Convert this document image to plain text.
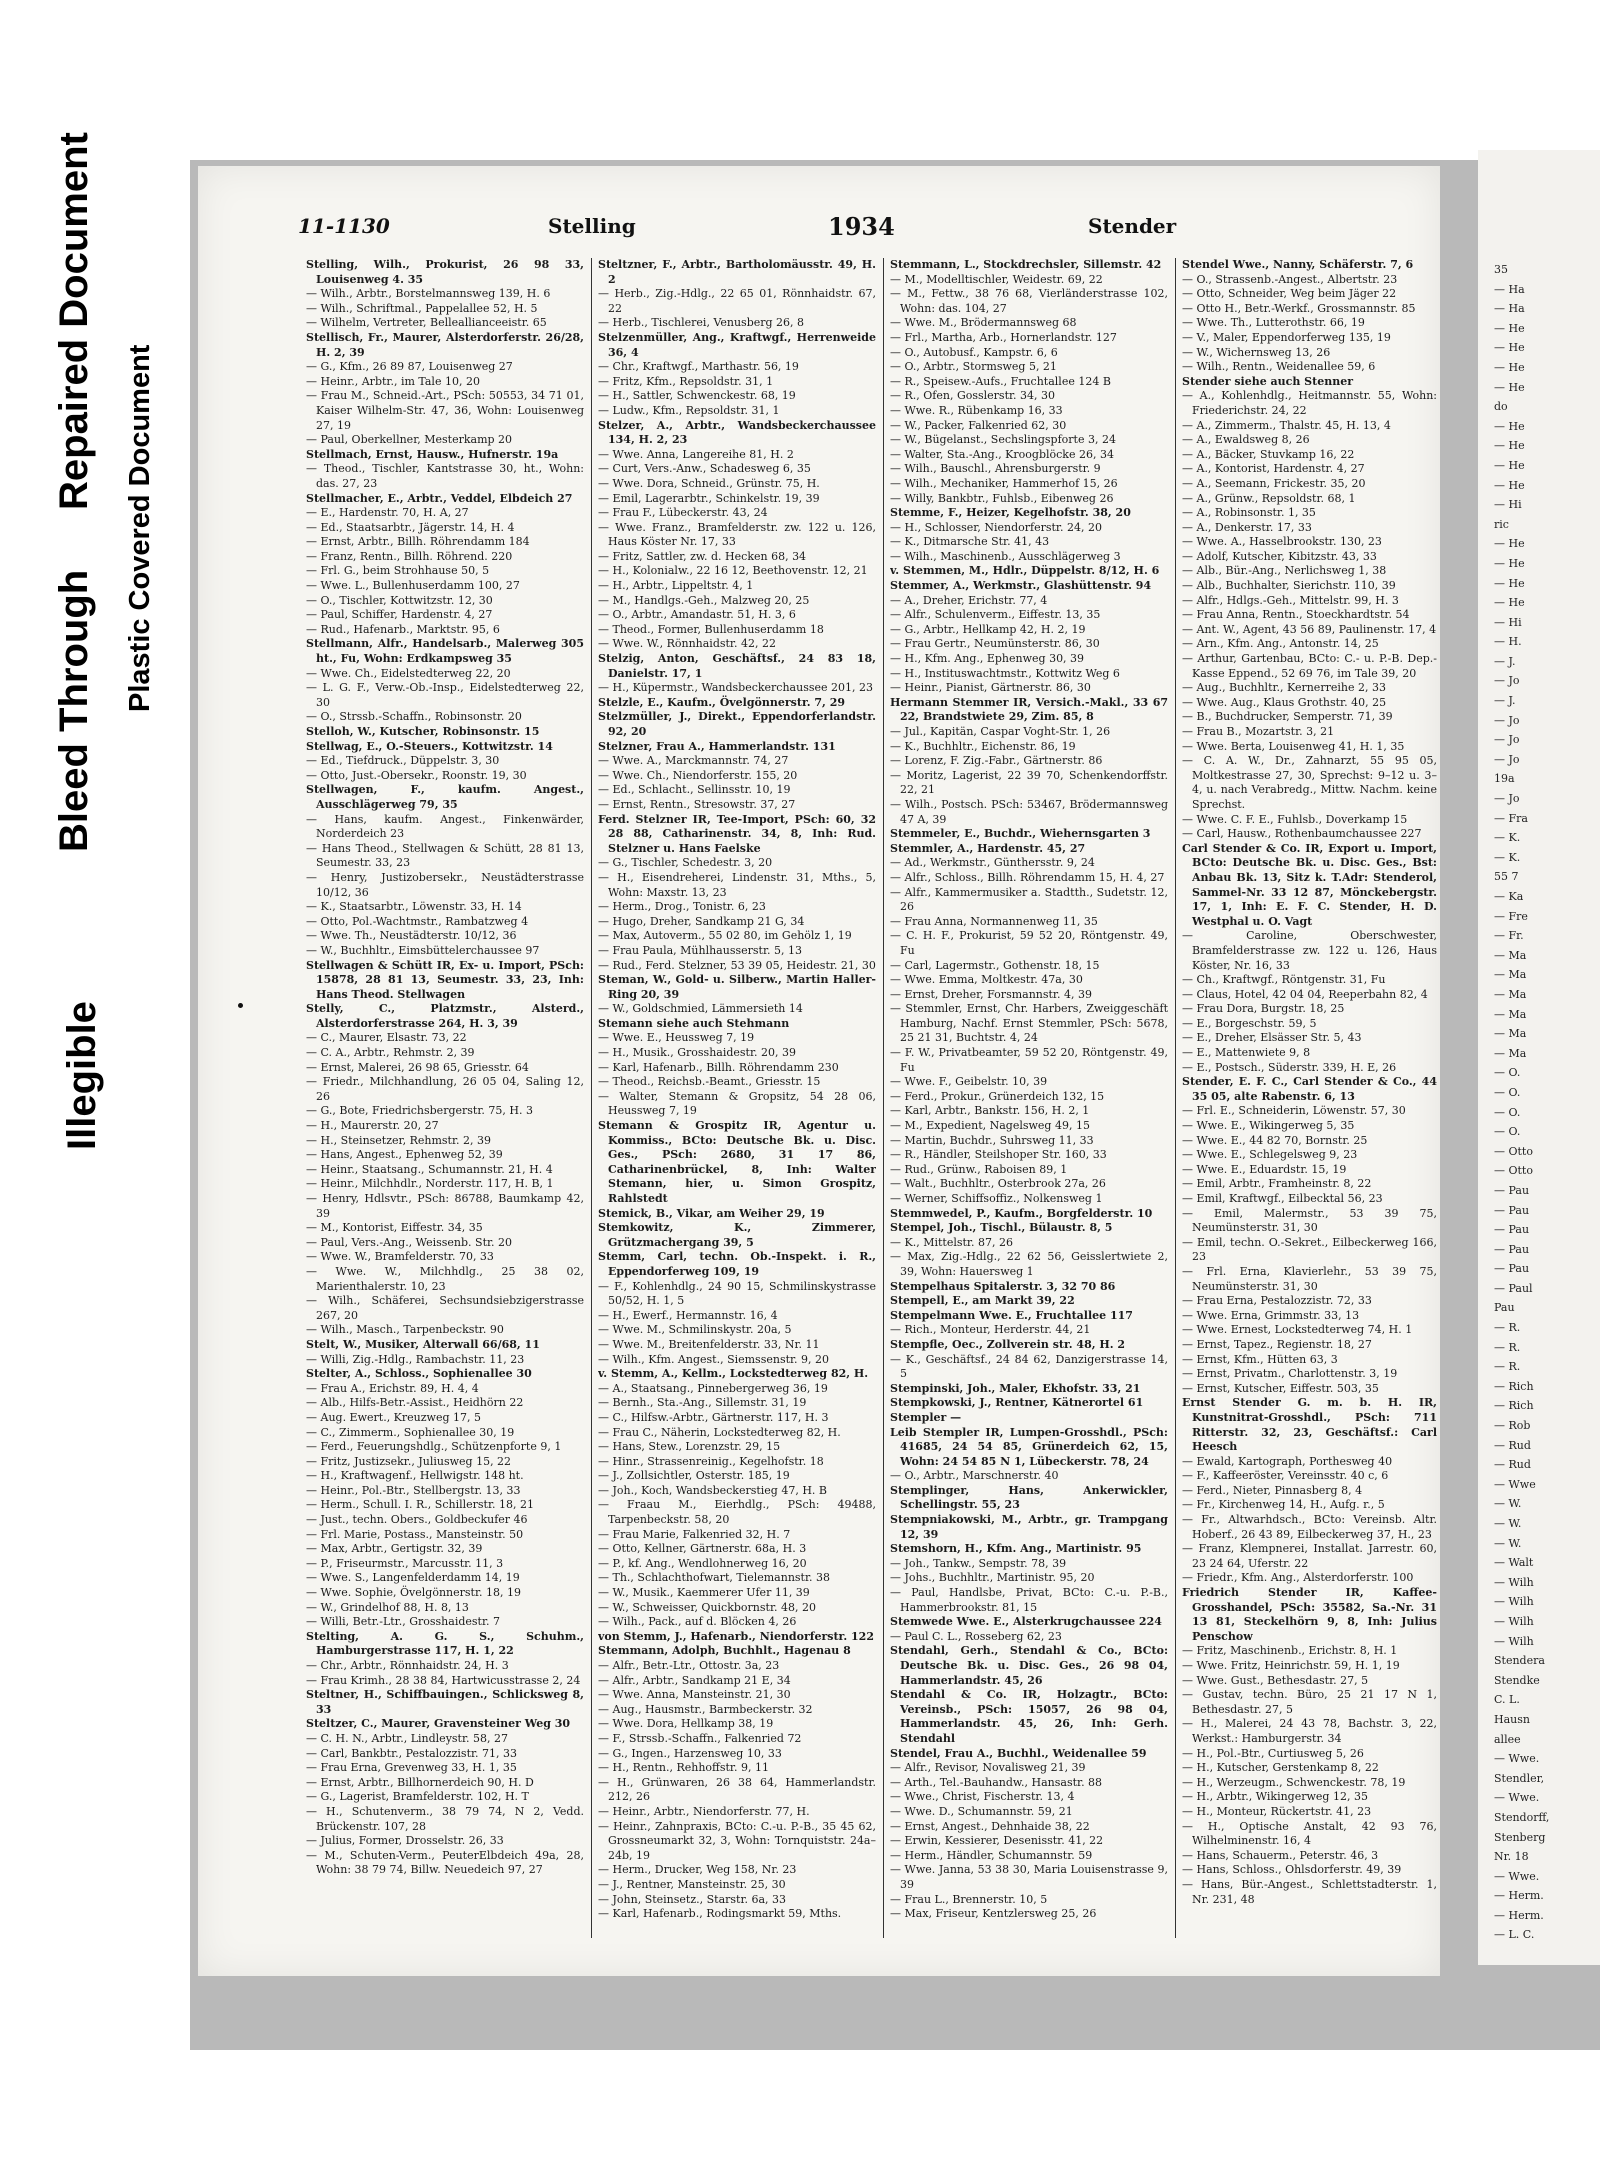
Illegible
Bleed Through
Repaired Document
Plastic Covered Document
35
— Ha
— Ha
— He
— He
— He
— He
do
— He
— He
— He
— He
— Hi
ric
— He
— He
— He
— He
— Hi
— H.
— J.
— Jo
— J.
— Jo
— Jo
— Jo
19a
— Jo
— Fra
— K.
— K.
55 7
— Ka
— Fre
— Fr.
— Ma
— Ma
— Ma
— Ma
— Ma
— Ma
— O.
— O.
— O.
— O.
— Otto
— Otto
— Pau
— Pau
— Pau
— Pau
— Pau
— Paul
Pau
— R.
— R.
— R.
— Rich
— Rich
— Rob
— Rud
— Rud
— Wwe
— W.
— W.
— W.
— Walt
— Wilh
— Wilh
— Wilh
— Wilh
Stendera
Stendke
C. L.
Hausn
allee
— Wwe.
Stendler,
— Wwe.
Stendorff,
Stenberg
Nr. 18
— Wwe.
— Herm.
— Herm.
— L. C.
11-1130	Stelling	1934	Stender

Stelling, Wilh., Prokurist, 26 98 33, Louisenweg 4. 35

— Wilh., Arbtr., Borstelmannsweg 139, H. 6

— Wilh., Schriftmal., Pappelallee 52, H. 5

— Wilhelm, Vertreter, Belleallianceeistr. 65

Stellisch, Fr., Maurer, Alsterdorferstr. 26/28, H. 2, 39

— G., Kfm., 26 89 87, Louisenweg 27

— Heinr., Arbtr., im Tale 10, 20

— Frau M., Schneid.-Art., PSch: 50553, 34 71 01, Kaiser Wilhelm-Str. 47, 36, Wohn: Louisenweg 27, 19

— Paul, Oberkellner, Mesterkamp 20

Stellmach, Ernst, Hausw., Hufnerstr. 19a

— Theod., Tischler, Kantstrasse 30, ht., Wohn: das. 27, 23

Stellmacher, E., Arbtr., Veddel, Elbdeich 27

— E., Hardenstr. 70, H. A, 27

— Ed., Staatsarbtr., Jägerstr. 14, H. 4

— Ernst, Arbtr., Billh. Röhrendamm 184

— Franz, Rentn., Billh. Röhrend. 220

— Frl. G., beim Strohhause 50, 5

— Wwe. L., Bullenhuserdamm 100, 27

— O., Tischler, Kottwitzstr. 12, 30

— Paul, Schiffer, Hardenstr. 4, 27

— Rud., Hafenarb., Marktstr. 95, 6

Stellmann, Alfr., Handelsarb., Malerweg 305 ht., Fu, Wohn: Erdkampsweg 35

— Wwe. Ch., Eidelstedterweg 22, 20

— L. G. F., Verw.-Ob.-Insp., Eidelstedterweg 22, 30

— O., Strssb.-Schaffn., Robinsonstr. 20

Stelloh, W., Kutscher, Robinsonstr. 15

Stellwag, E., O.-Steuers., Kottwitzstr. 14

— Ed., Tiefdruck., Düppelstr. 3, 30

— Otto, Just.-Obersekr., Roonstr. 19, 30

Stellwagen, F., kaufm. Angest., Ausschlägerweg 79, 35

— Hans, kaufm. Angest., Finkenwärder, Norderdeich 23

— Hans Theod., Stellwagen & Schütt, 28 81 13, Seumestr. 33, 23

— Henry, Justizobersekr., Neustädterstrasse 10/12, 36

— K., Staatsarbtr., Löwenstr. 33, H. 14

— Otto, Pol.-Wachtmstr., Rambatzweg 4

— Wwe. Th., Neustädterstr. 10/12, 36

— W., Buchhltr., Eimsbüttelerchaussee 97

Stellwagen & Schütt IR, Ex- u. Import, PSch: 15878, 28 81 13, Seumestr. 33, 23, Inh: Hans Theod. Stellwagen

Stelly, C., Platzmstr., Alsterd., Alsterdorferstrasse 264, H. 3, 39

— C., Maurer, Elsastr. 73, 22

— C. A., Arbtr., Rehmstr. 2, 39

— Ernst, Malerei, 26 98 65, Griesstr. 64

— Friedr., Milchhandlung, 26 05 04, Saling 12, 26

— G., Bote, Friedrichsbergerstr. 75, H. 3

— H., Maurerstr. 20, 27

— H., Steinsetzer, Rehmstr. 2, 39

— Hans, Angest., Ephenweg 52, 39

— Heinr., Staatsang., Schumannstr. 21, H. 4

— Heinr., Milchhdlr., Norderstr. 117, H. B, 1

— Henry, Hdlsvtr., PSch: 86788, Baumkamp 42, 39

— M., Kontorist, Eiffestr. 34, 35

— Paul, Vers.-Ang., Weissenb. Str. 20

— Wwe. W., Bramfelderstr. 70, 33

— Wwe. W., Milchhdlg., 25 38 02, Marienthalerstr. 10, 23

— Wilh., Schäferei, Sechsundsiebzigerstrasse 267, 20

— Wilh., Masch., Tarpenbeckstr. 90

Stelt, W., Musiker, Alterwall 66/68, 11

— Willi, Zig.-Hdlg., Rambachstr. 11, 23

Stelter, A., Schloss., Sophienallee 30

— Frau A., Erichstr. 89, H. 4, 4

— Alb., Hilfs-Betr.-Assist., Heidhörn 22

— Aug. Ewert., Kreuzweg 17, 5

— C., Zimmerm., Sophienallee 30, 19

— Ferd., Feuerungshdlg., Schützenpforte 9, 1

— Fritz, Justizsekr., Juliusweg 15, 22

— H., Kraftwagenf., Hellwigstr. 148 ht.

— Heinr., Pol.-Btr., Stellbergstr. 13, 33

— Herm., Schull. I. R., Schillerstr. 18, 21

— Just., techn. Obers., Goldbeckufer 46

— Frl. Marie, Postass., Mansteinstr. 50

— Max, Arbtr., Gertigstr. 32, 39

— P., Friseurmstr., Marcusstr. 11, 3

— Wwe. S., Langenfelderdamm 14, 19

— Wwe. Sophie, Övelgönnerstr. 18, 19

— W., Grindelhof 88, H. 8, 13

— Willi, Betr.-Ltr., Grosshaidestr. 7

Stelting, A. G. S., Schuhm., Hamburgerstrasse 117, H. 1, 22

— Chr., Arbtr., Rönnhaidstr. 24, H. 3

— Frau Krimh., 28 38 84, Hartwicusstrasse 2, 24

Steltner, H., Schiffbauingen., Schlicksweg 8, 33

Steltzer, C., Maurer, Gravensteiner Weg 30

— C. H. N., Arbtr., Lindleystr. 58, 27

— Carl, Bankbtr., Pestalozzistr. 71, 33

— Frau Erna, Grevenweg 33, H. 1, 35

— Ernst, Arbtr., Billhornerdeich 90, H. D

— G., Lagerist, Bramfelderstr. 102, H. T

— H., Schutenverm., 38 79 74, N 2, Vedd. Brückenstr. 107, 28

— Julius, Former, Drosselstr. 26, 33

— M., Schuten-Verm., PeuterElbdeich 49a, 28, Wohn: 38 79 74, Billw. Neuedeich 97, 27

Steltzner, F., Arbtr., Bartholomäusstr. 49, H. 2

— Herb., Zig.-Hdlg., 22 65 01, Rönnhaidstr. 67, 22

— Herb., Tischlerei, Venusberg 26, 8

Stelzenmüller, Ang., Kraftwgf., Herrenweide 36, 4

— Chr., Kraftwgf., Marthastr. 56, 19

— Fritz, Kfm., Repsoldstr. 31, 1

— H., Sattler, Schwenckestr. 68, 19

— Ludw., Kfm., Repsoldstr. 31, 1

Stelzer, A., Arbtr., Wandsbeckerchaussee 134, H. 2, 23

— Wwe. Anna, Langereihe 81, H. 2

— Curt, Vers.-Anw., Schadesweg 6, 35

— Wwe. Dora, Schneid., Grünstr. 75, H.

— Emil, Lagerarbtr., Schinkelstr. 19, 39

— Frau F., Lübeckerstr. 43, 24

— Wwe. Franz., Bramfelderstr. zw. 122 u. 126, Haus Köster Nr. 17, 33

— Fritz, Sattler, zw. d. Hecken 68, 34

— H., Kolonialw., 22 16 12, Beethovenstr. 12, 21

— H., Arbtr., Lippeltstr. 4, 1

— M., Handlgs.-Geh., Malzweg 20, 25

— O., Arbtr., Amandastr. 51, H. 3, 6

— Theod., Former, Bullenhuserdamm 18

— Wwe. W., Rönnhaidstr. 42, 22

Stelzig, Anton, Geschäftsf., 24 83 18, Danielstr. 17, 1

— H., Küpermstr., Wandsbeckerchaussee 201, 23

Stelzle, E., Kaufm., Övelgönnerstr. 7, 29

Stelzmüller, J., Direkt., Eppendorferlandstr. 92, 20

Stelzner, Frau A., Hammerlandstr. 131

— Wwe. A., Marckmannstr. 74, 27

— Wwe. Ch., Niendorferstr. 155, 20

— Ed., Schlacht., Sellinsstr. 10, 19

— Ernst, Rentn., Stresowstr. 37, 27

Ferd. Stelzner IR, Tee-Import, PSch: 60, 32 28 88, Catharinenstr. 34, 8, Inh: Rud. Stelzner u. Hans Faelske

— G., Tischler, Schedestr. 3, 20

— H., Eisendreherei, Lindenstr. 31, Mths., 5, Wohn: Maxstr. 13, 23

— Herm., Drog., Tonistr. 6, 23

— Hugo, Dreher, Sandkamp 21 G, 34

— Max, Autoverm., 55 02 80, im Gehölz 1, 19

— Frau Paula, Mühlhausserstr. 5, 13

— Rud., Ferd. Stelzner, 53 39 05, Heidestr. 21, 30

Steman, W., Gold- u. Silberw., Martin Haller-Ring 20, 39

— W., Goldschmied, Lämmersieth 14

Stemann siehe auch Stehmann

— Wwe. E., Heussweg 7, 19

— H., Musik., Grosshaidestr. 20, 39

— Karl, Hafenarb., Billh. Röhrendamm 230

— Theod., Reichsb.-Beamt., Griesstr. 15

— Walter, Stemann & Gropsitz, 54 28 06, Heussweg 7, 19

Stemann & Grospitz IR, Agentur u. Kommiss., BCto: Deutsche Bk. u. Disc. Ges., PSch: 2680, 31 17 86, Catharinenbrückel, 8, Inh: Walter Stemann, hier, u. Simon Grospitz, Rahlstedt

Stemick, B., Vikar, am Weiher 29, 19

Stemkowitz, K., Zimmerer, Grützmachergang 39, 5

Stemm, Carl, techn. Ob.-Inspekt. i. R., Eppendorferweg 109, 19

— F., Kohlenhdlg., 24 90 15, Schmilinskystrasse 50/52, H. 1, 5

— H., Ewerf., Hermannstr. 16, 4

— Wwe. M., Schmilinskystr. 20a, 5

— Wwe. M., Breitenfelderstr. 33, Nr. 11

— Wilh., Kfm. Angest., Siemssenstr. 9, 20

v. Stemm, A., Kellm., Lockstedterweg 82, H.

— A., Staatsang., Pinnebergerweg 36, 19

— Bernh., Sta.-Ang., Sillemstr. 31, 19

— C., Hilfsw.-Arbtr., Gärtnerstr. 117, H. 3

— Frau C., Näherin, Lockstedterweg 82, H.

— Hans, Stew., Lorenzstr. 29, 15

— Hinr., Strassenreinig., Kegelhofstr. 18

— J., Zollsichtler, Osterstr. 185, 19

— Joh., Koch, Wandsbeckerstieg 47, H. B

— Fraau M., Eierhdlg., PSch: 49488, Tarpenbeckstr. 58, 20

— Frau Marie, Falkenried 32, H. 7

— Otto, Kellner, Gärtnerstr. 68a, H. 3

— P., kf. Ang., Wendlohnerweg 16, 20

— Th., Schlachthofwart, Tielemannstr. 38

— W., Musik., Kaemmerer Ufer 11, 39

— W., Schweisser, Quickbornstr. 48, 20

— Wilh., Pack., auf d. Blöcken 4, 26

von Stemm, J., Hafenarb., Niendorferstr. 122

Stemmann, Adolph, Buchhlt., Hagenau 8

— Alfr., Betr.-Ltr., Ottostr. 3a, 23

— Alfr., Arbtr., Sandkamp 21 E, 34

— Wwe. Anna, Mansteinstr. 21, 30

— Aug., Hausmstr., Barmbeckerstr. 32

— Wwe. Dora, Hellkamp 38, 19

— F., Strssb.-Schaffn., Falkenried 72

— G., Ingen., Harzensweg 10, 33

— H., Rentn., Rehhoffstr. 9, 11

— H., Grünwaren, 26 38 64, Hammerlandstr. 212, 26

— Heinr., Arbtr., Niendorferstr. 77, H.

— Heinr., Zahnpraxis, BCto: C.-u. P.-B., 35 45 62, Grossneumarkt 32, 3, Wohn: Tornquiststr. 24a–24b, 19

— Herm., Drucker, Weg 158, Nr. 23

— J., Rentner, Mansteinstr. 25, 30

— John, Steinsetz., Starstr. 6a, 33

— Karl, Hafenarb., Rodingsmarkt 59, Mths.

Stemmann, L., Stockdrechsler, Sillemstr. 42

— M., Modelltischler, Weidestr. 69, 22

— M., Fettw., 38 76 68, Vierländerstrasse 102, Wohn: das. 104, 27

— Wwe. M., Brödermannsweg 68

— Frl., Martha, Arb., Hornerlandstr. 127

— O., Autobusf., Kampstr. 6, 6

— O., Arbtr., Stormsweg 5, 21

— R., Speisew.-Aufs., Fruchtallee 124 B

— R., Ofen, Gosslerstr. 34, 30

— Wwe. R., Rübenkamp 16, 33

— W., Packer, Falkenried 62, 30

— W., Bügelanst., Sechslingspforte 3, 24

— Walter, Sta.-Ang., Kroogblöcke 26, 34

— Wilh., Bauschl., Ahrensburgerstr. 9

— Wilh., Mechaniker, Hammerhof 15, 26

— Willy, Bankbtr., Fuhlsb., Eibenweg 26

Stemme, F., Heizer, Kegelhofstr. 38, 20

— H., Schlosser, Niendorferstr. 24, 20

— K., Ditmarsche Str. 41, 43

— Wilh., Maschinenb., Ausschlägerweg 3

v. Stemmen, M., Hdlr., Düppelstr. 8/12, H. 6

Stemmer, A., Werkmstr., Glashüttenstr. 94

— A., Dreher, Erichstr. 77, 4

— Alfr., Schulenverm., Eiffestr. 13, 35

— G., Arbtr., Hellkamp 42, H. 2, 19

— Frau Gertr., Neumünsterstr. 86, 30

— H., Kfm. Ang., Ephenweg 30, 39

— H., Instituswachtmstr., Kottwitz Weg 6

— Heinr., Pianist, Gärtnerstr. 86, 30

Hermann Stemmer IR, Versich.-Makl., 33 67 22, Brandstwiete 29, Zim. 85, 8

— Jul., Kapitän, Caspar Voght-Str. 1, 26

— K., Buchhltr., Eichenstr. 86, 19

— Lorenz, F. Zig.-Fabr., Gärtnerstr. 86

— Moritz, Lagerist, 22 39 70, Schenkendorffstr. 22, 21

— Wilh., Postsch. PSch: 53467, Brödermannsweg 47 A, 39

Stemmeler, E., Buchdr., Wiehernsgarten 3

Stemmler, A., Hardenstr. 45, 27

— Ad., Werkmstr., Günthersstr. 9, 24

— Alfr., Schloss., Billh. Röhrendamm 15, H. 4, 27

— Alfr., Kammermusiker a. Stadtth., Sudetstr. 12, 26

— Frau Anna, Normannenweg 11, 35

— C. H. F., Prokurist, 59 52 20, Röntgenstr. 49, Fu

— Carl, Lagermstr., Gothenstr. 18, 15

— Wwe. Emma, Moltkestr. 47a, 30

— Ernst, Dreher, Forsmannstr. 4, 39

— Stemmler, Ernst, Chr. Harbers, Zweiggeschäft Hamburg, Nachf. Ernst Stemmler, PSch: 5678, 25 21 31, Buchtstr. 4, 24

— F. W., Privatbeamter, 59 52 20, Röntgenstr. 49, Fu

— Wwe. F., Geibelstr. 10, 39

— Ferd., Prokur., Grünerdeich 132, 15

— Karl, Arbtr., Bankstr. 156, H. 2, 1

— M., Expedient, Nagelsweg 49, 15

— Martin, Buchdr., Suhrsweg 11, 33

— R., Händler, Steilshoper Str. 160, 33

— Rud., Grünw., Raboisen 89, 1

— Walt., Buchhltr., Osterbrook 27a, 26

— Werner, Schiffsoffiz., Nolkensweg 1

Stemmwedel, P., Kaufm., Borgfelderstr. 10

Stempel, Joh., Tischl., Bülaustr. 8, 5

— K., Mittelstr. 87, 26

— Max, Zig.-Hdlg., 22 62 56, Geisslertwiete 2, 39, Wohn: Hauersweg 1

Stempelhaus Spitalerstr. 3, 32 70 86

Stempell, E., am Markt 39, 22

Stempelmann Wwe. E., Fruchtallee 117

— Rich., Monteur, Herderstr. 44, 21

Stempfle, Oec., Zollverein str. 48, H. 2

— K., Geschäftsf., 24 84 62, Danzigerstrasse 14, 5

Stempinski, Joh., Maler, Ekhofstr. 33, 21

Stempkowski, J., Rentner, Kätnerortel 61

Stempler —

Leib Stempler IR, Lumpen-Grosshdl., PSch: 41685, 24 54 85, Grünerdeich 62, 15, Wohn: 24 54 85 N 1, Lübeckerstr. 78, 24

— O., Arbtr., Marschnerstr. 40

Stemplinger, Hans, Ankerwickler, Schellingstr. 55, 23

Stempniakowski, M., Arbtr., gr. Trampgang 12, 39

Stemshorn, H., Kfm. Ang., Martinistr. 95

— Joh., Tankw., Sempstr. 78, 39

— Johs., Buchhltr., Martinistr. 95, 20

— Paul, Handlsbe, Privat, BCto: C.-u. P.-B., Hammerbrookstr. 81, 15

Stemwede Wwe. E., Alsterkrugchaussee 224

— Paul C. L., Rosseberg 62, 23

Stendahl, Gerh., Stendahl & Co., BCto: Deutsche Bk. u. Disc. Ges., 26 98 04, Hammerlandstr. 45, 26

Stendahl & Co. IR, Holzagtr., BCto: Vereinsb., PSch: 15057, 26 98 04, Hammerlandstr. 45, 26, Inh: Gerh. Stendahl

Stendel, Frau A., Buchhl., Weidenallee 59

— Alfr., Revisor, Novalisweg 21, 39

— Arth., Tel.-Bauhandw., Hansastr. 88

— Wwe., Christ, Fischerstr. 13, 4

— Wwe. D., Schumannstr. 59, 21

— Ernst, Angest., Dehnhaide 38, 22

— Erwin, Kessierer, Desenisstr. 41, 22

— Herm., Händler, Schumannstr. 59

— Wwe. Janna, 53 38 30, Maria Louisenstrasse 9, 39

— Frau L., Brennerstr. 10, 5

— Max, Friseur, Kentzlersweg 25, 26

Stendel Wwe., Nanny, Schäferstr. 7, 6

— O., Strassenb.-Angest., Albertstr. 23

— Otto, Schneider, Weg beim Jäger 22

— Otto H., Betr.-Werkf., Grossmannstr. 85

— Wwe. Th., Lutterothstr. 66, 19

— V., Maler, Eppendorferweg 135, 19

— W., Wichernsweg 13, 26

— Wilh., Rentn., Weidenallee 59, 6

Stender siehe auch Stenner

— A., Kohlenhdlg., Heitmannstr. 55, Wohn: Friederichstr. 24, 22

— A., Zimmerm., Thalstr. 45, H. 13, 4

— A., Ewaldsweg 8, 26

— A., Bäcker, Stuvkamp 16, 22

— A., Kontorist, Hardenstr. 4, 27

— A., Seemann, Frickestr. 35, 20

— A., Grünw., Repsoldstr. 68, 1

— A., Robinsonstr. 1, 35

— A., Denkerstr. 17, 33

— Wwe. A., Hasselbrookstr. 130, 23

— Adolf, Kutscher, Kibitzstr. 43, 33

— Alb., Bür.-Ang., Nerlichsweg 1, 38

— Alb., Buchhalter, Sierichstr. 110, 39

— Alfr., Hdlgs.-Geh., Mittelstr. 99, H. 3

— Frau Anna, Rentn., Stoeckhardtstr. 54

— Ant. W., Agent, 43 56 89, Paulinenstr. 17, 4

— Arn., Kfm. Ang., Antonstr. 14, 25

— Arthur, Gartenbau, BCto: C.- u. P.-B. Dep.-Kasse Eppend., 52 69 76, im Tale 39, 20

— Aug., Buchhltr., Kernerreihe 2, 33

— Wwe. Aug., Klaus Grothstr. 40, 25

— B., Buchdrucker, Semperstr. 71, 39

— Frau B., Mozartstr. 3, 21

— Wwe. Berta, Louisenweg 41, H. 1, 35

— C. A. W., Dr., Zahnarzt, 55 95 05, Moltkestrasse 27, 30, Sprechst: 9–12 u. 3–4, u. nach Verabredg., Mittw. Nachm. keine Sprechst.

— Wwe. C. F. E., Fuhlsb., Doverkamp 15

— Carl, Hausw., Rothenbaumchaussee 227

Carl Stender & Co. IR, Export u. Import, BCto: Deutsche Bk. u. Disc. Ges., Bst: Anbau Bk. 13, Sitz k. T.Adr: Stenderol, Sammel-Nr. 33 12 87, Mönckebergstr. 17, 1, Inh: E. F. C. Stender, H. D. Westphal u. O. Vagt

— Caroline, Oberschwester, Bramfelderstrasse zw. 122 u. 126, Haus Köster, Nr. 16, 33

— Ch., Kraftwgf., Röntgenstr. 31, Fu

— Claus, Hotel, 42 04 04, Reeperbahn 82, 4

— Frau Dora, Burgstr. 18, 25

— E., Borgeschstr. 59, 5

— E., Dreher, Elsässer Str. 5, 43

— E., Mattenwiete 9, 8

— E., Postsch., Süderstr. 339, H. E, 26

Stender, E. F. C., Carl Stender & Co., 44 35 05, alte Rabenstr. 6, 13

— Frl. E., Schneiderin, Löwenstr. 57, 30

— Wwe. E., Wikingerweg 5, 35

— Wwe. E., 44 82 70, Bornstr. 25

— Wwe. E., Schlegelsweg 9, 23

— Wwe. E., Eduardstr. 15, 19

— Emil, Arbtr., Framheinstr. 8, 22

— Emil, Kraftwgf., Eilbecktal 56, 23

— Emil, Malermstr., 53 39 75, Neumünsterstr. 31, 30

— Emil, techn. O.-Sekret., Eilbeckerweg 166, 23

— Frl. Erna, Klavierlehr., 53 39 75, Neumünsterstr. 31, 30

— Frau Erna, Pestalozzistr. 72, 33

— Wwe. Erna, Grimmstr. 33, 13

— Wwe. Ernest, Lockstedterweg 74, H. 1

— Ernst, Tapez., Regienstr. 18, 27

— Ernst, Kfm., Hütten 63, 3

— Ernst, Privatm., Charlottenstr. 3, 19

— Ernst, Kutscher, Eiffestr. 503, 35

Ernst Stender G. m. b. H. IR, Kunstnitrat-Grosshdl., PSch: 711 Ritterstr. 32, 23, Geschäftsf.: Carl Heesch

— Ewald, Kartograph, Porthesweg 40

— F., Kaffeeröster, Vereinsstr. 40 c, 6

— Ferd., Nieter, Pinnasberg 8, 4

— Fr., Kirchenweg 14, H., Aufg. r., 5

— Fr., Altwarhdsch., BCto: Vereinsb. Altr. Hoberf., 26 43 89, Eilbeckerweg 37, H., 23

— Franz, Klempnerei, Installat. Jarrestr. 60, 23 24 64, Uferstr. 22

— Friedr., Kfm. Ang., Alsterdorferstr. 100

Friedrich Stender IR, Kaffee-Grosshandel, PSch: 35582, Sa.-Nr. 31 13 81, Steckelhörn 9, 8, Inh: Julius Penschow

— Fritz, Maschinenb., Erichstr. 8, H. 1

— Wwe. Fritz, Heinrichstr. 59, H. 1, 19

— Wwe. Gust., Bethesdastr. 27, 5

— Gustav, techn. Büro, 25 21 17 N 1, Bethesdastr. 27, 5

— H., Malerei, 24 43 78, Bachstr. 3, 22, Werkst.: Hamburgerstr. 34

— H., Pol.-Btr., Curtiusweg 5, 26

— H., Kutscher, Gerstenkamp 8, 22

— H., Werzeugm., Schwenckestr. 78, 19

— H., Arbtr., Wikingerweg 12, 35

— H., Monteur, Rückertstr. 41, 23

— H., Optische Anstalt, 42 93 76, Wilhelminenstr. 16, 4

— Hans, Schauerm., Peterstr. 46, 3

— Hans, Schloss., Ohlsdorferstr. 49, 39

— Hans, Bür.-Angest., Schlettstadterstr. 1, Nr. 231, 48
